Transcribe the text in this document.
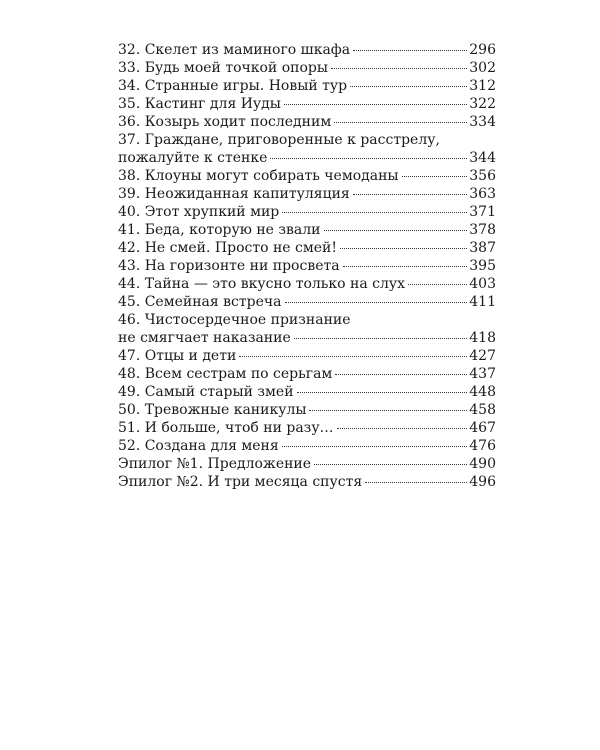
32. Скелет из маминого шкафа	296
33. Будь моей точкой опоры	302
34. Странные игры. Новый тур	312
35. Кастинг для Иуды	322
36. Козырь ходит последним	334
37. Граждане, приговоренные к расстрелу,
пожалуйте к стенке	344
38. Клоуны могут собирать чемоданы	356
39. Неожиданная капитуляция	363
40. Этот хрупкий мир	371
41. Беда, которую не звали	378
42. Не смей. Просто не смей!	387
43. На горизонте ни просвета	395
44. Тайна — это вкусно только на слух	403
45. Семейная встреча	411
46. Чистосердечное признание
не смягчает наказание	418
47. Отцы и дети	427
48. Всем сестрам по серьгам	437
49. Самый старый змей	448
50. Тревожные каникулы	458
51. И больше, чтоб ни разу…	467
52. Создана для меня	476
Эпилог №1. Предложение	490
Эпилог №2. И три месяца спустя	496
